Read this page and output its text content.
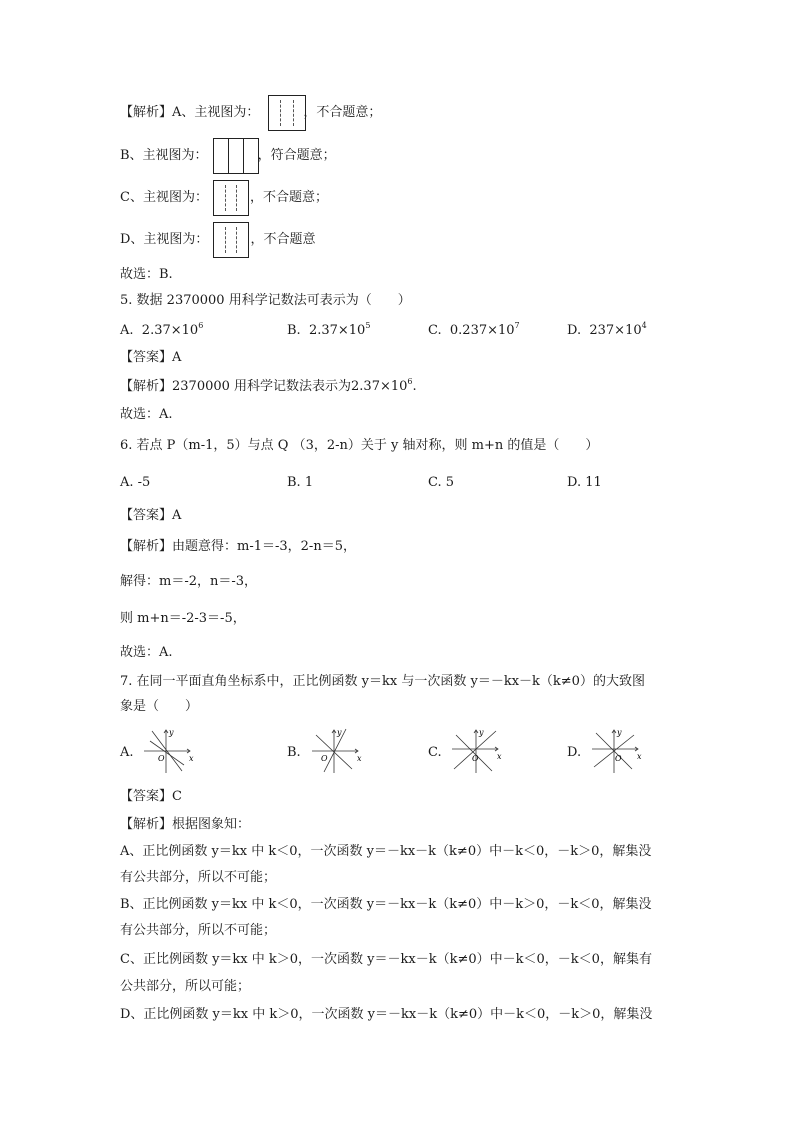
【解析】A、主视图为：	，不合题意；
B、主视图为：	，符合题意；
C、主视图为：	，不合题意；
D、主视图为：	，不合题意
故选：B.
5. 数据 2370000 用科学记数法可表示为（　　）
A. $2.37\times 10^6$	B. $2.37\times 10^5$	C. $0.237\times 10^7$	D. $237\times 10^4$
【答案】A
【解析】2370000 用科学记数法表示为$2.37\times 10^6$.
故选：A.
6. 若点 P（m-1，5）与点 Q （3，2-n）关于 y 轴对称，则 m+n 的值是（　　）
A. -5	B. 1	C. 5	D. 11
【答案】A
【解析】由题意得：m-1＝-3，2-n＝5，
解得：m＝-2，n＝-3，
则 m+n＝-2-3＝-5，
故选：A.
7. 在同一平面直角坐标系中，正比例函数 y＝kx 与一次函数 y＝－kx－k（k≠0）的大致图
象是（　　）
A.	B.	C.	D.
y
x
O
y
x
O
y
x
O
y
x
O
【答案】C
【解析】根据图象知：
A、正比例函数 y＝kx 中 k＜0，一次函数 y＝－kx－k（k≠0）中－k＜0，－k＞0，解集没
有公共部分，所以不可能；
B、正比例函数 y＝kx 中 k＜0，一次函数 y＝－kx－k（k≠0）中－k＞0，－k＜0，解集没
有公共部分，所以不可能；
C、正比例函数 y＝kx 中 k＞0，一次函数 y＝－kx－k（k≠0）中－k＜0，－k＜0，解集有
公共部分，所以可能；
D、正比例函数 y＝kx 中 k＞0，一次函数 y＝－kx－k（k≠0）中－k＜0，－k＞0，解集没
